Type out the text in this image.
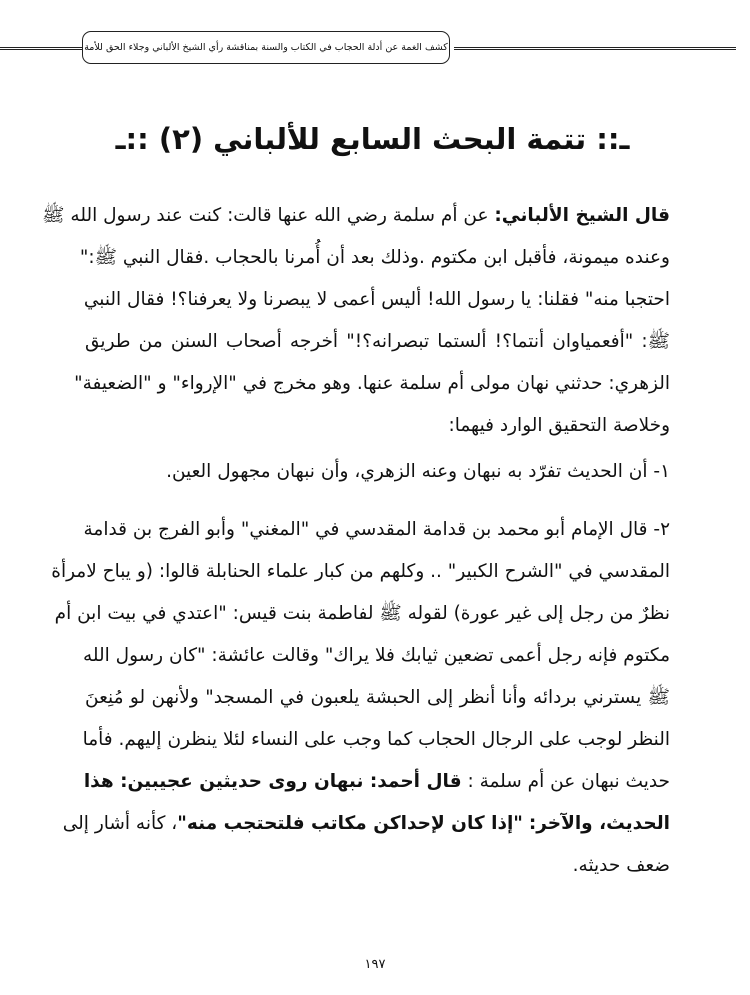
كشف الغمة عن أدلة الحجاب في الكتاب والسنة بمناقشة رأي الشيخ الألباني وجلاء الحق للأمة
ـ:: تتمة البحث السابع للألباني (٢) ::ـ
قال الشيخ الألباني: عن أم سلمة رضي الله عنها قالت: كنت عند رسول الله ﷺ
وعنده ميمونة، فأقبل ابن مكتوم .وذلك بعد أن أُمرنا بالحجاب .فقال النبي ﷺ:"
احتجبا منه" فقلنا: يا رسول الله! أليس أعمى لا يبصرنا ولا يعرفنا؟! فقال النبي
ﷺ: "أفعمياوان أنتما؟! ألستما تبصرانه؟!" أخرجه أصحاب السنن من طريق
الزهري: حدثني نهان مولى أم سلمة عنها. وهو مخرج في "الإرواء" و "الضعيفة"
وخلاصة التحقيق الوارد فيهما:
١- أن الحديث تفرّد به نبهان وعنه الزهري، وأن نبهان مجهول العين.
٢- قال الإمام أبو محمد بن قدامة المقدسي في "المغني" وأبو الفرج بن قدامة
المقدسي في "الشرح الكبير" .. وكلهم من كبار علماء الحنابلة قالوا: (و يباح لامرأة
نظرٌ من رجل إلى غير عورة) لقوله ﷺ لفاطمة بنت قيس: "اعتدي في بيت ابن أم
مكتوم فإنه رجل أعمى تضعين ثيابك فلا يراك" وقالت عائشة: "كان رسول الله
ﷺ يسترني بردائه وأنا أنظر إلى الحبشة يلعبون في المسجد" ولأنهن لو مُنِعنَ
النظر لوجب على الرجال الحجاب كما وجب على النساء لئلا ينظرن إليهم. فأما
حديث نبهان عن أم سلمة : قال أحمد: نبهان روى حديثين عجيبين: هذا
الحديث، والآخر: "إذا كان لإحداكن مكاتب فلتحتجب منه"، كأنه أشار إلى
ضعف حديثه.
١٩٧
